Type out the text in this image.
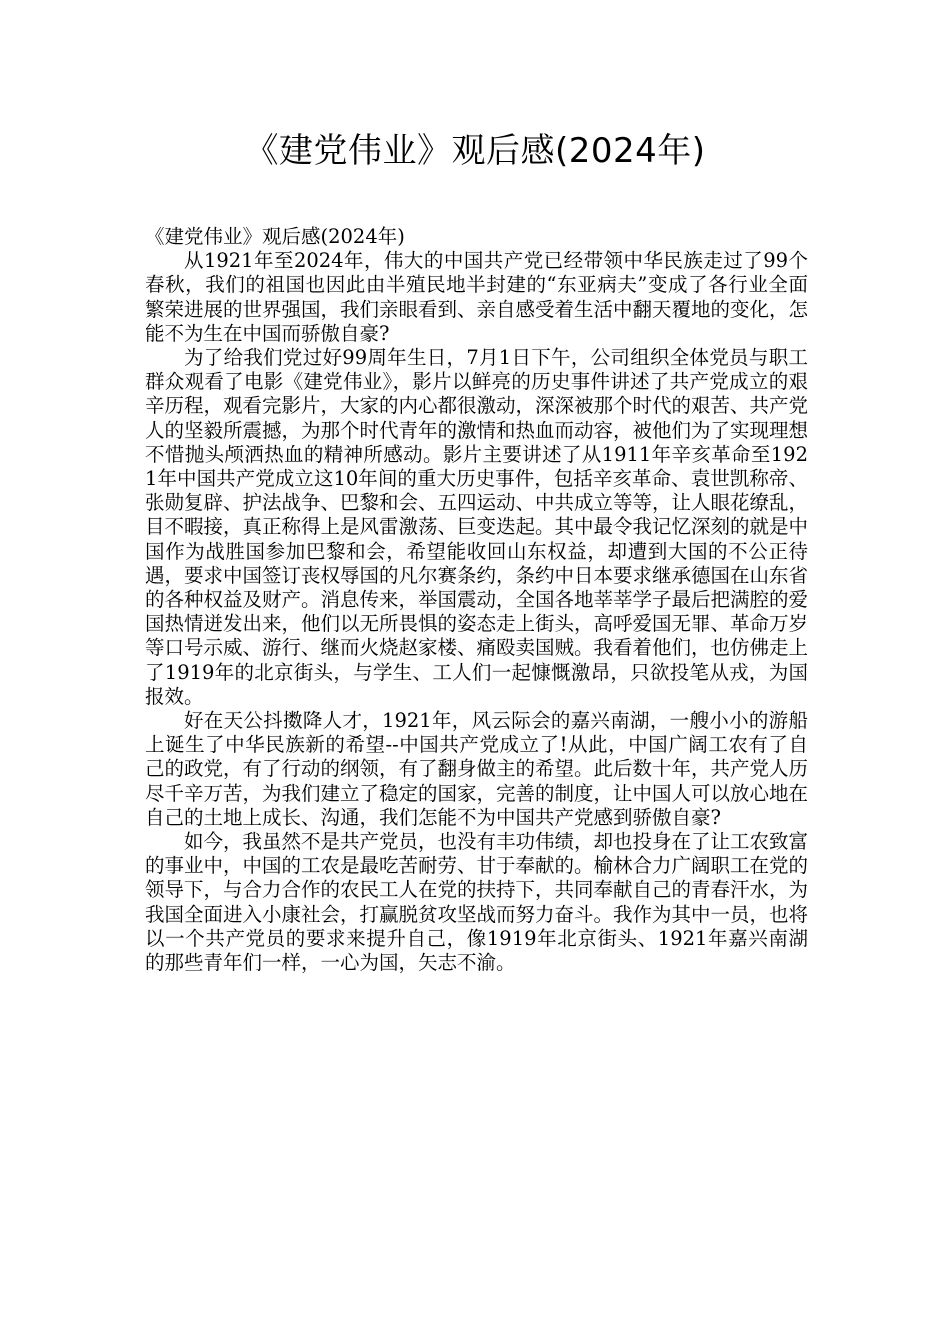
《建党伟业》观后感(2024年)

《建党伟业》观后感(2024年)

从1921年至2024年，伟大的中国共产党已经带领中华民族走过了99个春秋，我们的祖国也因此由半殖民地半封建的“东亚病夫”变成了各行业全面繁荣进展的世界强国，我们亲眼看到、亲自感受着生活中翻天覆地的变化，怎能不为生在中国而骄傲自豪?

为了给我们党过好99周年生日，7月1日下午，公司组织全体党员与职工群众观看了电影《建党伟业》，影片以鲜亮的历史事件讲述了共产党成立的艰辛历程，观看完影片，大家的内心都很激动，深深被那个时代的艰苦、共产党人的坚毅所震撼，为那个时代青年的激情和热血而动容，被他们为了实现理想不惜抛头颅洒热血的精神所感动。影片主要讲述了从1911年辛亥革命至1921年中国共产党成立这10年间的重大历史事件，包括辛亥革命、袁世凯称帝、张勋复辟、护法战争、巴黎和会、五四运动、中共成立等等，让人眼花缭乱，目不暇接，真正称得上是风雷激荡、巨变迭起。其中最令我记忆深刻的就是中国作为战胜国参加巴黎和会，希望能收回山东权益，却遭到大国的不公正待遇，要求中国签订丧权辱国的凡尔赛条约，条约中日本要求继承德国在山东省的各种权益及财产。消息传来，举国震动，全国各地莘莘学子最后把满腔的爱国热情迸发出来，他们以无所畏惧的姿态走上街头，高呼爱国无罪、革命万岁等口号示威、游行、继而火烧赵家楼、痛殴卖国贼。我看着他们，也仿佛走上了1919年的北京街头，与学生、工人们一起慷慨激昂，只欲投笔从戎，为国报效。

好在天公抖擞降人才，1921年，风云际会的嘉兴南湖，一艘小小的游船上诞生了中华民族新的希望--中国共产党成立了!从此，中国广阔工农有了自己的政党，有了行动的纲领，有了翻身做主的希望。此后数十年，共产党人历尽千辛万苦，为我们建立了稳定的国家，完善的制度，让中国人可以放心地在自己的土地上成长、沟通，我们怎能不为中国共产党感到骄傲自豪?

如今，我虽然不是共产党员，也没有丰功伟绩，却也投身在了让工农致富的事业中，中国的工农是最吃苦耐劳、甘于奉献的。榆林合力广阔职工在党的领导下，与合力合作的农民工人在党的扶持下，共同奉献自己的青春汗水，为我国全面进入小康社会，打赢脱贫攻坚战而努力奋斗。我作为其中一员，也将以一个共产党员的要求来提升自己，像1919年北京街头、1921年嘉兴南湖的那些青年们一样，一心为国，矢志不渝。
